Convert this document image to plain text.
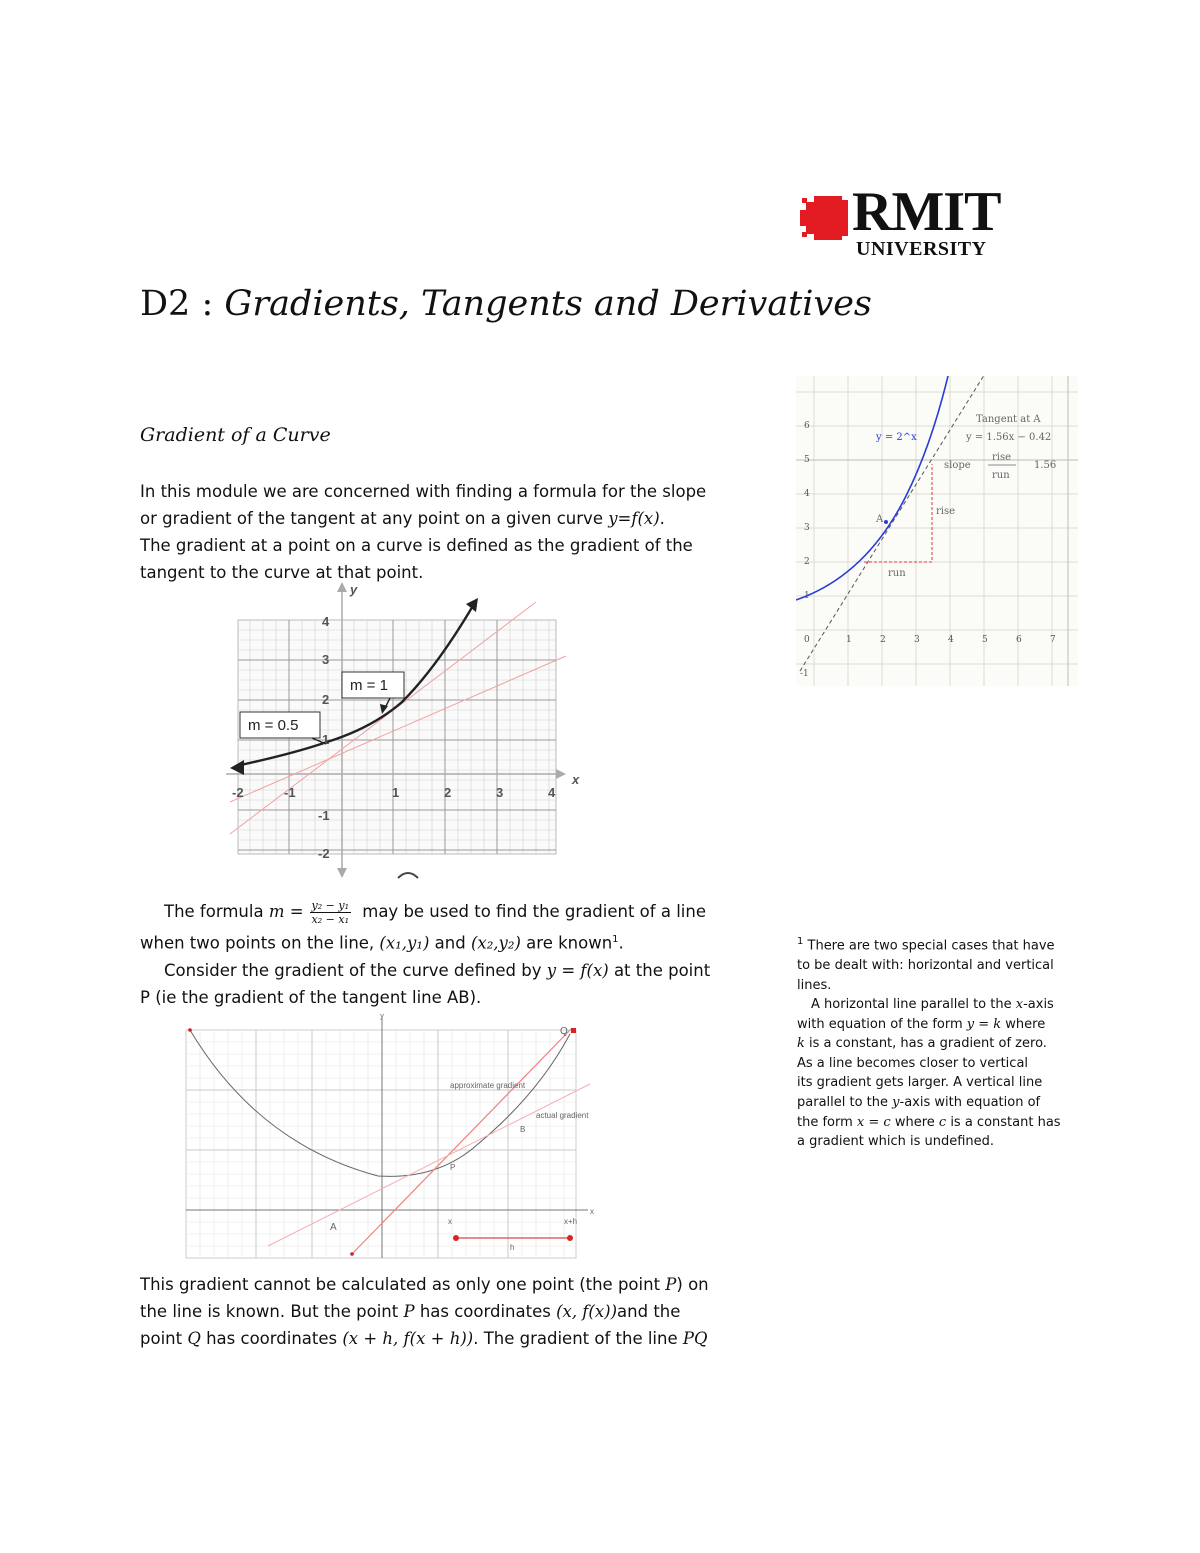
RMIT
UNIVERSITY
D2 : Gradients, Tangents and Derivatives
Gradient of a Curve
In this module we are concerned with finding a formula for the slope
or gradient of the tangent at any point on a given curve y=f(x).
The gradient at a point on a curve is defined as the gradient of the
tangent to the curve at that point.
6
5
4
3
2
1
0	1	2	3	4	5	6	7
-1
y = 2^x
Tangent at A
y = 1.56x − 0.42
slope
rise
run
1.56
rise
run
A
y
x
-2	-1	1	2	3	4
4
3
2
1
-1
-2
m = 1
m = 0.5
The formula $m = \frac{\text{y₂ − y₁}}{\text{x₂ − x₁}}$ may be used to find the gradient of a line
when two points on the line, (x₁,y₁) and (x₂,y₂) are known$^1$.
Consider the gradient of the curve defined by y = f(x) at the point
P (ie the gradient of the tangent line AB).
approximate gradient
actual gradient
P
Q
A
B
x
y
x	x+h
h
This gradient cannot be calculated as only one point (the point P) on
the line is known. But the point P has coordinates (x, f(x))and the
point Q has coordinates (x + h, f(x + h)). The gradient of the line PQ
$^1$ There are two special cases that have
to be dealt with: horizontal and vertical
lines.
A horizontal line parallel to the x-axis
with equation of the form y = k where
k is a constant, has a gradient of zero.
As a line becomes closer to vertical
its gradient gets larger. A vertical line
parallel to the y-axis with equation of
the form x = c where c is a constant has
a gradient which is undefined.
